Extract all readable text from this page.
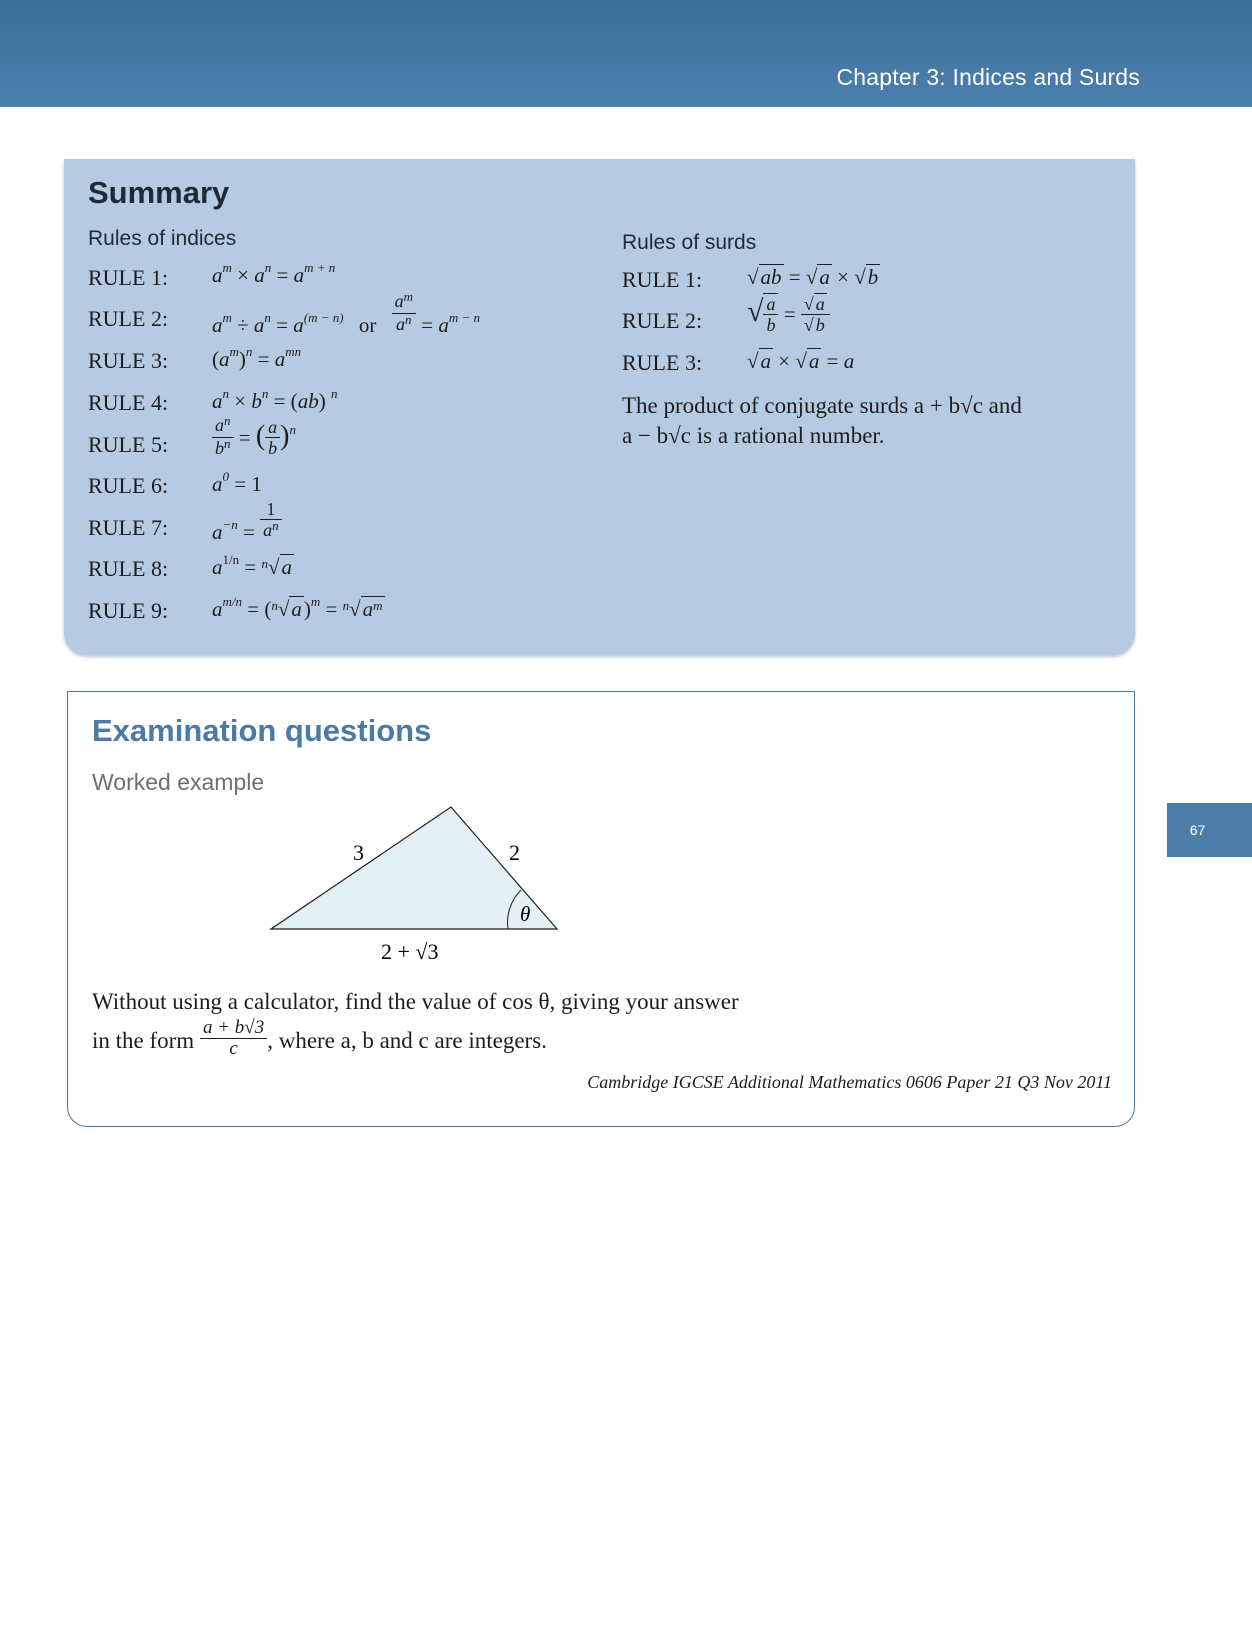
Chapter 3: Indices and Surds
67
Summary
Rules of indices	Rules of surds
RULE 1:
RULE 2:
RULE 3:
RULE 4:
RULE 5:
RULE 6:
RULE 7:
RULE 8:
RULE 9:
$a^m \times a^n = a^{m + n}$
$a^m \div a^n = a^{(m - n)}$ or $\frac{a^m}{a^n} = a^{m - n}$
$(a^m)^n = a^{mn}$
$a^n \times b^n = (ab)$ $^n$
$\frac{a^n}{b^n}$ = ( $\frac{a}{b} )^n$
$a^0 = 1$
$a^{-n} = \frac{1}{a^n}$
$a^{1/n} = ^n√a$
$a^{m/n} = (^n√a)^m = ^n√a^m$
RULE 1:
RULE 2:
RULE 3:
√ab = √a × √b
√ $\frac{a}{b} = \frac{√ a}{√ b}$
√a × √a = a
The product of conjugate surds a + b√c and
a − b√c is a rational number.
Examination questions
Worked example
3	2
θ
2 + √3
Without using a calculator, find the value of cos θ, giving your answer
in the form $\frac{a + b√3}{c}$ , where a, b and c are integers.
Cambridge IGCSE Additional Mathematics 0606 Paper 21 Q3 Nov 2011
